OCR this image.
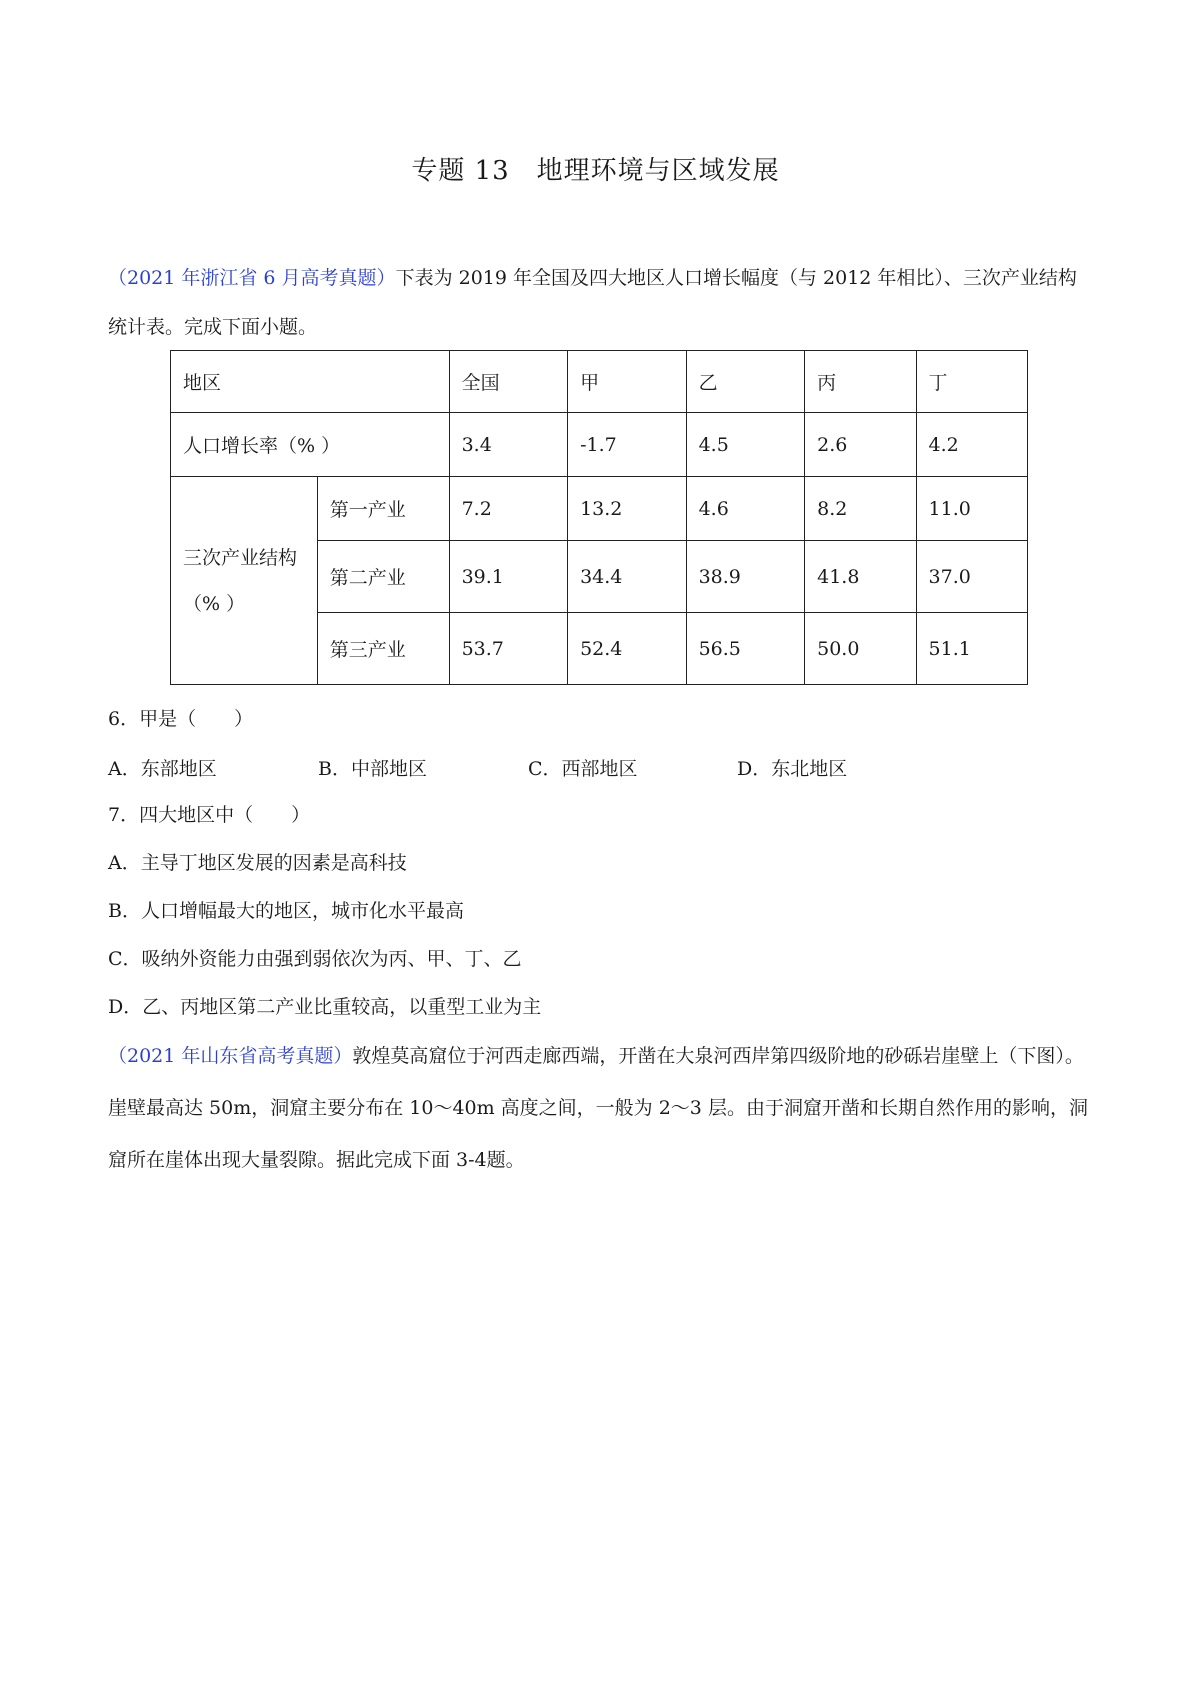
专题 13　地理环境与区域发展
（2021 年浙江省 6 月高考真题）下表为 2019 年全国及四大地区人口增长幅度（与 2012 年相比）、三次产业结构统计表。完成下面小题。
地区		全国	甲	乙	丙	丁
人口增长率（% ）		3.4	-1.7	4.5	2.6	4.2
三次产业结构（% ）	第一产业	7.2	13.2	4.6	8.2	11.0
	第二产业	39.1	34.4	38.9	41.8	37.0
	第三产业	53.7	52.4	56.5	50.0	51.1
6．甲是（　　）
A．东部地区	B．中部地区	C．西部地区	D．东北地区
7．四大地区中（　　）
A．主导丁地区发展的因素是高科技
B．人口增幅最大的地区，城市化水平最高
C．吸纳外资能力由强到弱依次为丙、甲、丁、乙
D．乙、丙地区第二产业比重较高，以重型工业为主
（2021 年山东省高考真题）敦煌莫高窟位于河西走廊西端，开凿在大泉河西岸第四级阶地的砂砾岩崖壁上（下图）。崖壁最高达 50m，洞窟主要分布在 10～40m 高度之间，一般为 2～3 层。由于洞窟开凿和长期自然作用的影响，洞窟所在崖体出现大量裂隙。据此完成下面 3-4题。
